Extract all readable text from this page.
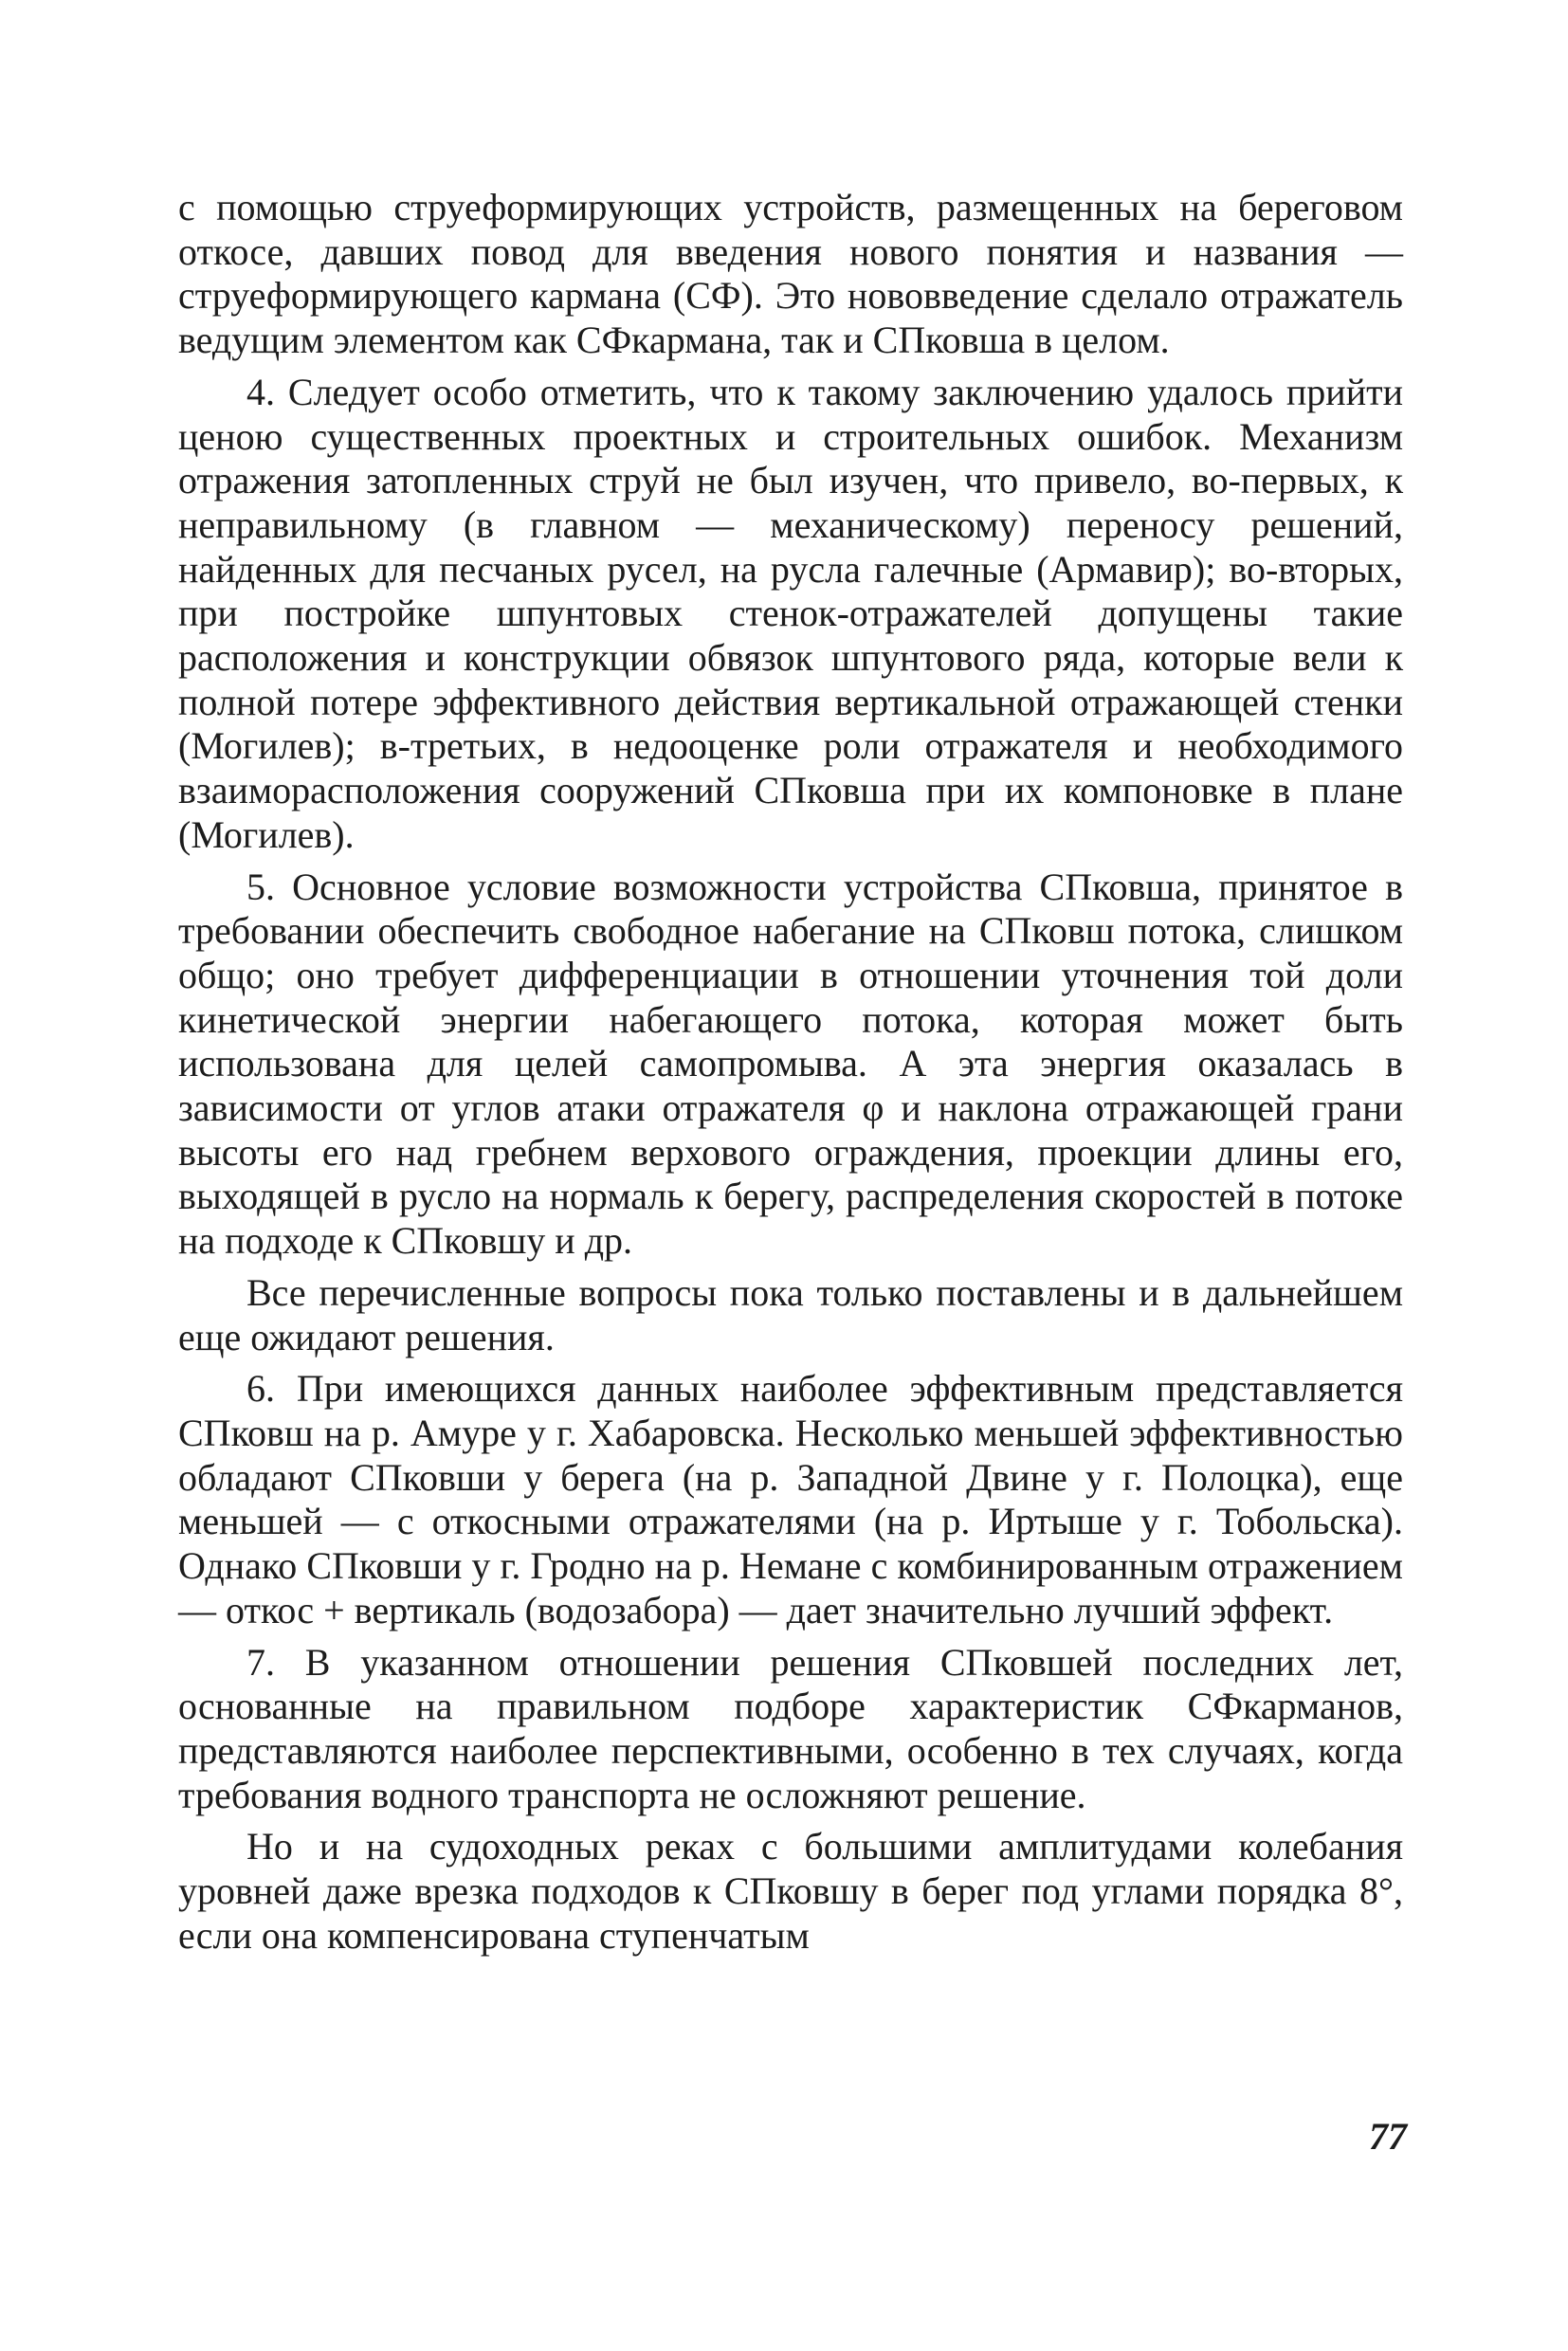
с помощью струеформирующих устройств, размещенных на береговом откосе, давших повод для введения нового понятия и названия — струеформирующего кармана (СФ). Это нововведение сделало отражатель ведущим элементом как СФкармана, так и СПковша в целом.

4. Следует особо отметить, что к такому заключению удалось прийти ценою существенных проектных и строительных ошибок. Механизм отражения затопленных струй не был изучен, что привело, во-первых, к неправильному (в главном — механическому) переносу решений, найденных для песчаных русел, на русла галечные (Армавир); во-вторых, при постройке шпунтовых стенок-отражателей допущены такие расположения и конструкции обвязок шпунтового ряда, которые вели к полной потере эффективного действия вертикальной отражающей стенки (Могилев); в-третьих, в недооценке роли отражателя и необходимого взаиморасположения сооружений СПковша при их компоновке в плане (Могилев).

5. Основное условие возможности устройства СПковша, принятое в требовании обеспечить свободное набегание на СПковш потока, слишком общо; оно требует дифференциации в отношении уточнения той доли кинетической энергии набегающего потока, которая может быть использована для целей самопромыва. А эта энергия оказалась в зависимости от углов атаки отражателя φ и наклона отражающей грани высоты его над гребнем верхового ограждения, проекции длины его, выходящей в русло на нормаль к берегу, распределения скоростей в потоке на подходе к СПковшу и др.

Все перечисленные вопросы пока только поставлены и в дальнейшем еще ожидают решения.

6. При имеющихся данных наиболее эффективным представляется СПковш на р. Амуре у г. Хабаровска. Несколько меньшей эффективностью обладают СПковши у берега (на р. Западной Двине у г. Полоцка), еще меньшей — с откосными отражателями (на р. Иртыше у г. Тобольска). Однако СПковши у г. Гродно на р. Немане с комбинированным отражением — откос + вертикаль (водозабора) — дает значительно лучший эффект.

7. В указанном отношении решения СПковшей последних лет, основанные на правильном подборе характеристик СФкарманов, представляются наиболее перспективными, особенно в тех случаях, когда требования водного транспорта не осложняют решение.

Но и на судоходных реках с большими амплитудами колебания уровней даже врезка подходов к СПковшу в берег под углами порядка 8°, если она компенсирована ступенчатым

77
